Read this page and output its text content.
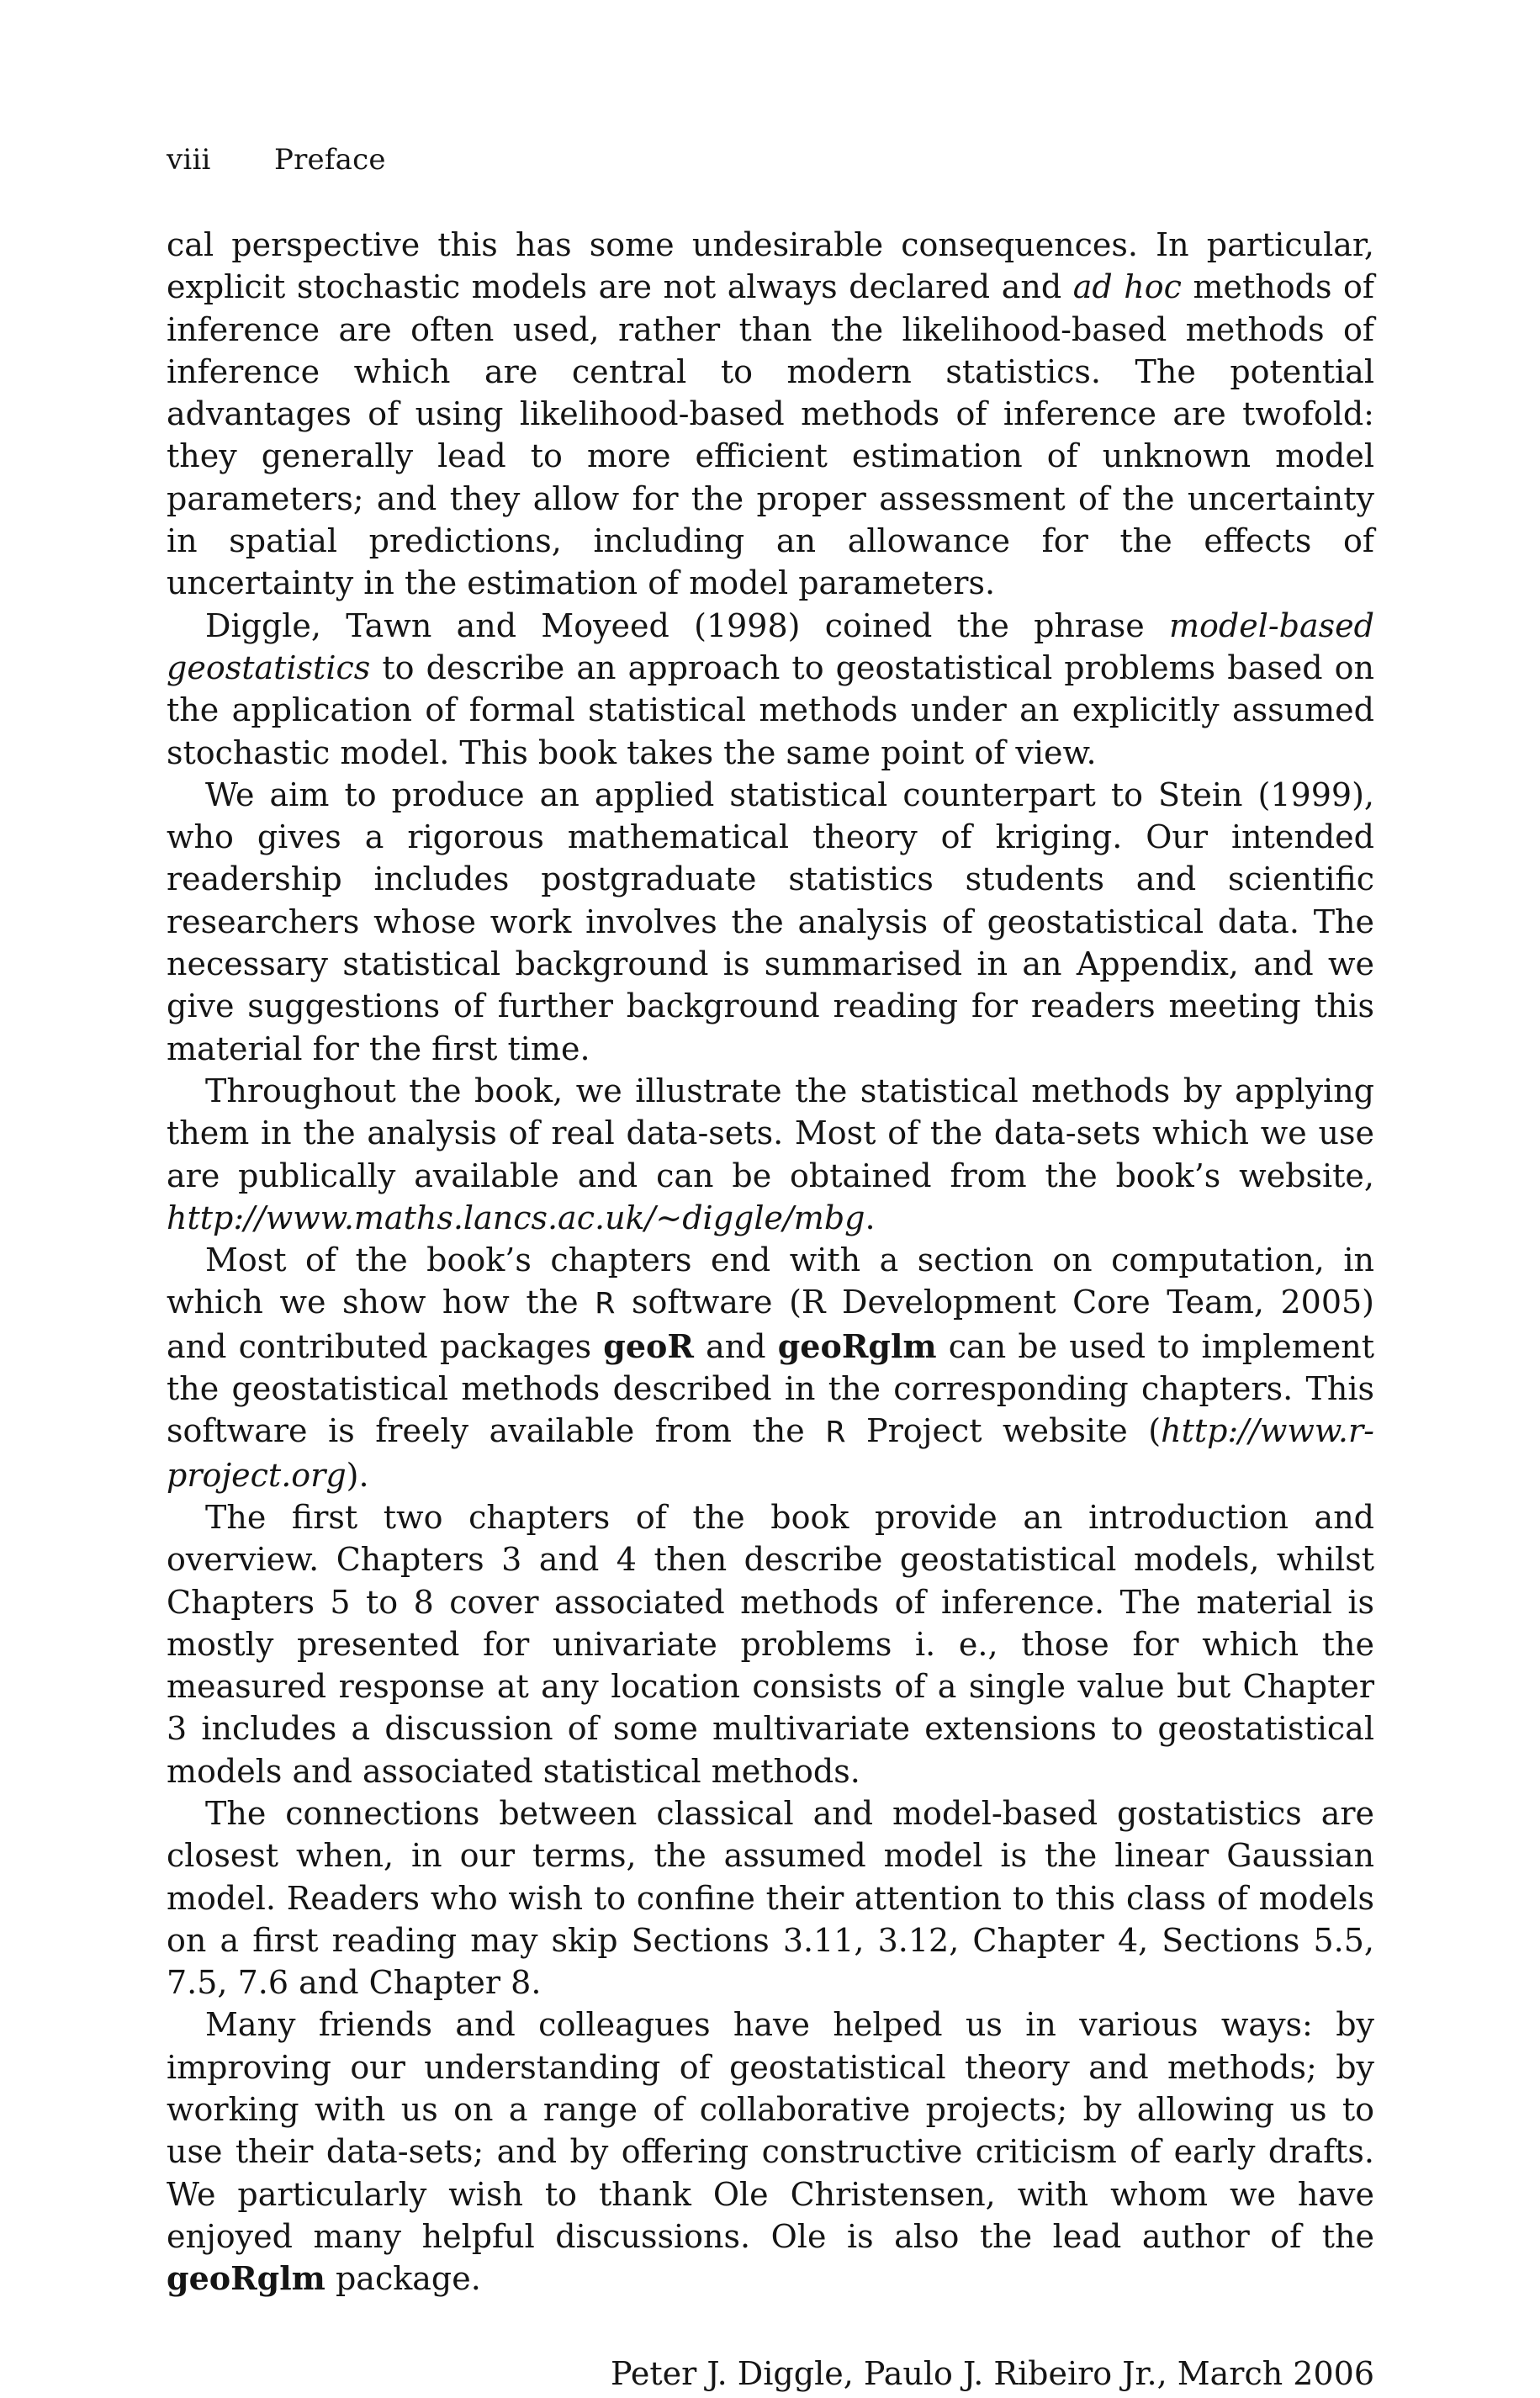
viii Preface

cal perspective this has some undesirable consequences. In particular, explicit stochastic models are not always declared and ad hoc methods of inference are often used, rather than the likelihood-based methods of inference which are central to modern statistics. The potential advantages of using likelihood-based methods of inference are twofold: they generally lead to more efficient estimation of unknown model parameters; and they allow for the proper assessment of the uncertainty in spatial predictions, including an allowance for the effects of uncertainty in the estimation of model parameters.

Diggle, Tawn and Moyeed (1998) coined the phrase model-based geostatistics to describe an approach to geostatistical problems based on the application of formal statistical methods under an explicitly assumed stochastic model. This book takes the same point of view.

We aim to produce an applied statistical counterpart to Stein (1999), who gives a rigorous mathematical theory of kriging. Our intended readership includes postgraduate statistics students and scientific researchers whose work involves the analysis of geostatistical data. The necessary statistical background is summarised in an Appendix, and we give suggestions of further background reading for readers meeting this material for the first time.

Throughout the book, we illustrate the statistical methods by applying them in the analysis of real data-sets. Most of the data-sets which we use are publically available and can be obtained from the book’s website, http://www.maths.lancs.ac.uk/∼diggle/mbg.

Most of the book’s chapters end with a section on computation, in which we show how the R software (R Development Core Team, 2005) and contributed packages geoR and geoRglm can be used to implement the geostatistical methods described in the corresponding chapters. This software is freely available from the R Project website (http://www.r-project.org).

The first two chapters of the book provide an introduction and overview. Chapters 3 and 4 then describe geostatistical models, whilst Chapters 5 to 8 cover associated methods of inference. The material is mostly presented for univariate problems i. e., those for which the measured response at any location consists of a single value but Chapter 3 includes a discussion of some multivariate extensions to geostatistical models and associated statistical methods.

The connections between classical and model-based gostatistics are closest when, in our terms, the assumed model is the linear Gaussian model. Readers who wish to confine their attention to this class of models on a first reading may skip Sections 3.11, 3.12, Chapter 4, Sections 5.5, 7.5, 7.6 and Chapter 8.

Many friends and colleagues have helped us in various ways: by improving our understanding of geostatistical theory and methods; by working with us on a range of collaborative projects; by allowing us to use their data-sets; and by offering constructive criticism of early drafts. We particularly wish to thank Ole Christensen, with whom we have enjoyed many helpful discussions. Ole is also the lead author of the geoRglm package.

Peter J. Diggle, Paulo J. Ribeiro Jr., March 2006
